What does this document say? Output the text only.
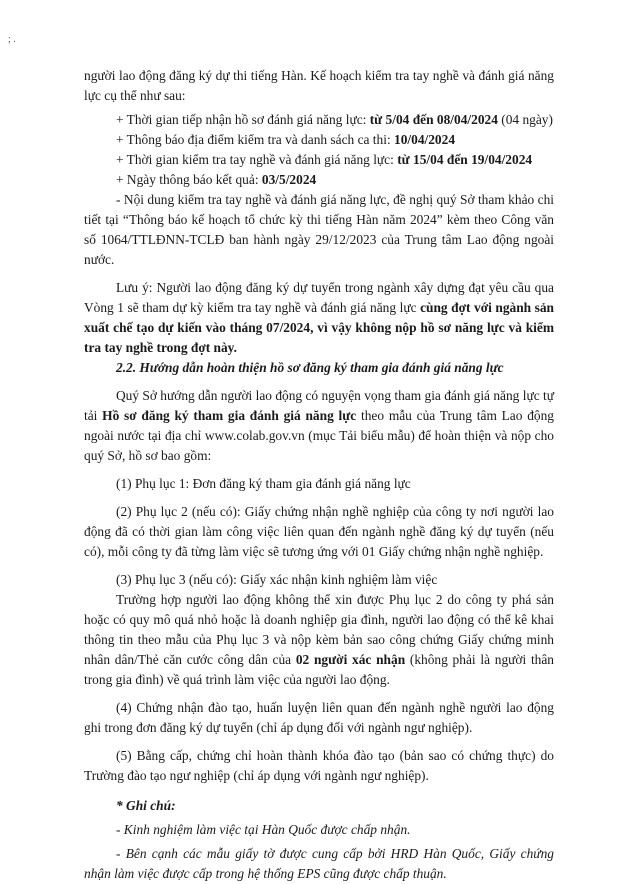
; .

người lao động đăng ký dự thi tiếng Hàn. Kế hoạch kiểm tra tay nghề và đánh giá năng lực cụ thể như sau:

+ Thời gian tiếp nhận hồ sơ đánh giá năng lực: từ 5/04 đến 08/04/2024 (04 ngày)

+ Thông báo địa điểm kiểm tra và danh sách ca thi: 10/04/2024

+ Thời gian kiểm tra tay nghề và đánh giá năng lực: từ 15/04 đến 19/04/2024

+ Ngày thông báo kết quả: 03/5/2024

- Nội dung kiểm tra tay nghề và đánh giá năng lực, đề nghị quý Sở tham khảo chi tiết tại “Thông báo kế hoạch tổ chức kỳ thi tiếng Hàn năm 2024” kèm theo Công văn số 1064/TTLĐNN-TCLĐ ban hành ngày 29/12/2023 của Trung tâm Lao động ngoài nước.

Lưu ý: Người lao động đăng ký dự tuyển trong ngành xây dựng đạt yêu cầu qua Vòng 1 sẽ tham dự kỳ kiểm tra tay nghề và đánh giá năng lực cùng đợt với ngành sản xuất chế tạo dự kiến vào tháng 07/2024, vì vậy không nộp hồ sơ năng lực và kiểm tra tay nghề trong đợt này.

2.2. Hướng dẫn hoàn thiện hồ sơ đăng ký tham gia đánh giá năng lực

Quý Sở hướng dẫn người lao động có nguyện vọng tham gia đánh giá năng lực tự tải Hồ sơ đăng ký tham gia đánh giá năng lực theo mẫu của Trung tâm Lao động ngoài nước tại địa chỉ www.colab.gov.vn (mục Tải biểu mẫu) để hoàn thiện và nộp cho quý Sở, hồ sơ bao gồm:

(1) Phụ lục 1: Đơn đăng ký tham gia đánh giá năng lực

(2) Phụ lục 2 (nếu có): Giấy chứng nhận nghề nghiệp của công ty nơi người lao động đã có thời gian làm công việc liên quan đến ngành nghề đăng ký dự tuyển (nếu có), mỗi công ty đã từng làm việc sẽ tương ứng với 01 Giấy chứng nhận nghề nghiệp.

(3) Phụ lục 3 (nếu có): Giấy xác nhận kinh nghiệm làm việc

Trường hợp người lao động không thể xin được Phụ lục 2 do công ty phá sản hoặc có quy mô quá nhỏ hoặc là doanh nghiệp gia đình, người lao động có thể kê khai thông tin theo mẫu của Phụ lục 3 và nộp kèm bản sao công chứng Giấy chứng minh nhân dân/Thẻ căn cước công dân của 02 người xác nhận (không phải là người thân trong gia đình) về quá trình làm việc của người lao động.

(4) Chứng nhận đào tạo, huấn luyện liên quan đến ngành nghề người lao động ghi trong đơn đăng ký dự tuyển (chỉ áp dụng đối với ngành ngư nghiệp).

(5) Bằng cấp, chứng chỉ hoàn thành khóa đào tạo (bản sao có chứng thực) do Trường đào tạo ngư nghiệp (chỉ áp dụng với ngành ngư nghiệp).

* Ghi chú:

- Kinh nghiệm làm việc tại Hàn Quốc được chấp nhận.

- Bên cạnh các mẫu giấy tờ được cung cấp bởi HRD Hàn Quốc, Giấy chứng nhận làm việc được cấp trong hệ thống EPS cũng được chấp thuận.
